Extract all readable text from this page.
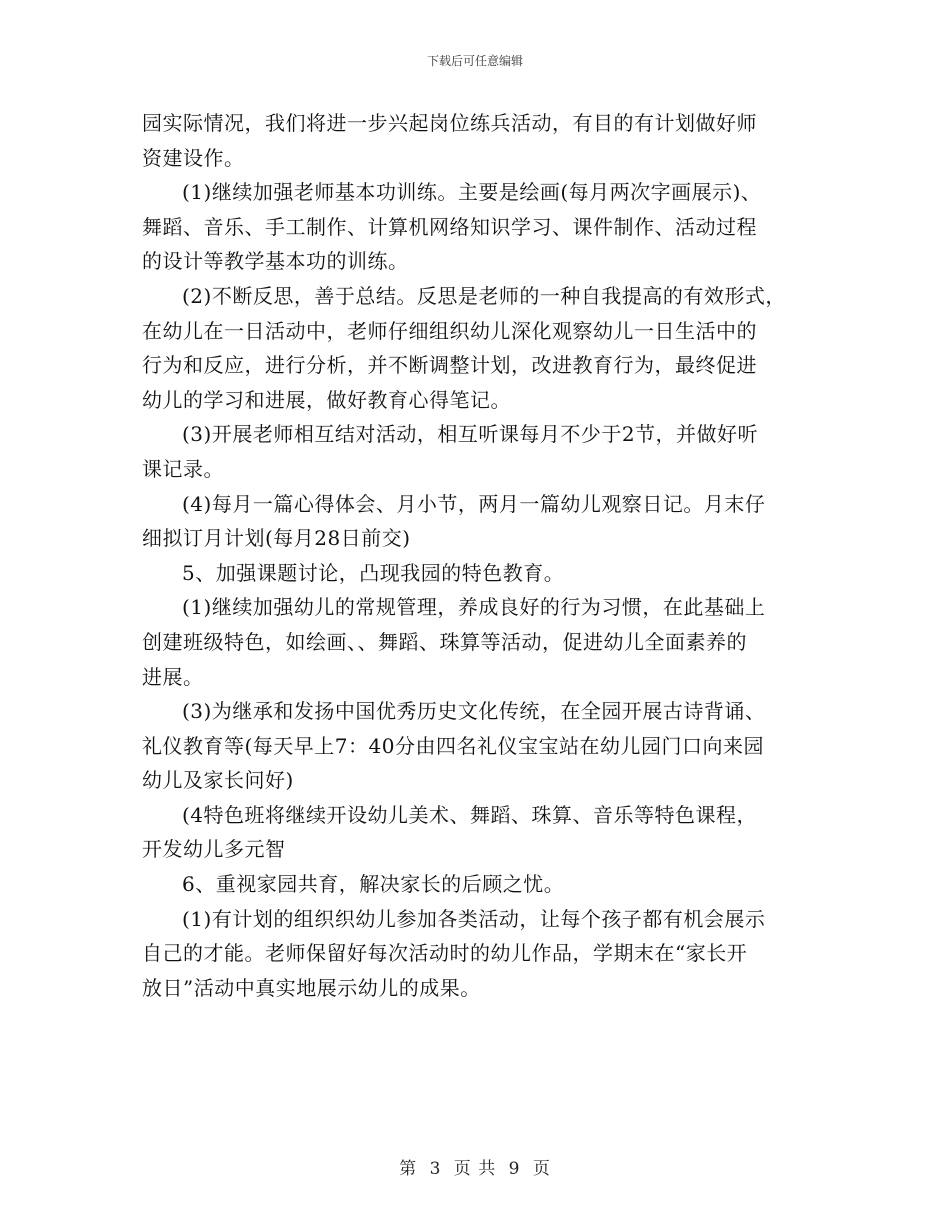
下载后可任意编辑
园实际情况，我们将进一步兴起岗位练兵活动，有目的有计划做好师
资建设作。
(1)继续加强老师基本功训练。主要是绘画(每月两次字画展示)、
舞蹈、音乐、手工制作、计算机网络知识学习、课件制作、活动过程
的设计等教学基本功的训练。
(2)不断反思，善于总结。反思是老师的一种自我提高的有效形式，
在幼儿在一日活动中，老师仔细组织幼儿深化观察幼儿一日生活中的
行为和反应，进行分析，并不断调整计划，改进教育行为，最终促进
幼儿的学习和进展，做好教育心得笔记。
(3)开展老师相互结对活动，相互听课每月不少于2节，并做好听
课记录。
(4)每月一篇心得体会、月小节，两月一篇幼儿观察日记。月末仔
细拟订月计划(每月28日前交)
5、加强课题讨论，凸现我园的特色教育。
(1)继续加强幼儿的常规管理，养成良好的行为习惯，在此基础上
创建班级特色，如绘画、、舞蹈、珠算等活动，促进幼儿全面素养的
进展。
(3)为继承和发扬中国优秀历史文化传统，在全园开展古诗背诵、
礼仪教育等(每天早上7：40分由四名礼仪宝宝站在幼儿园门口向来园
幼儿及家长问好)
(4特色班将继续开设幼儿美术、舞蹈、珠算、音乐等特色课程，
开发幼儿多元智
6、重视家园共育，解决家长的后顾之忧。
(1)有计划的组织织幼儿参加各类活动，让每个孩子都有机会展示
自己的才能。老师保留好每次活动时的幼儿作品，学期末在“家长开
放日”活动中真实地展示幼儿的成果。
第 3 页 共 9 页
